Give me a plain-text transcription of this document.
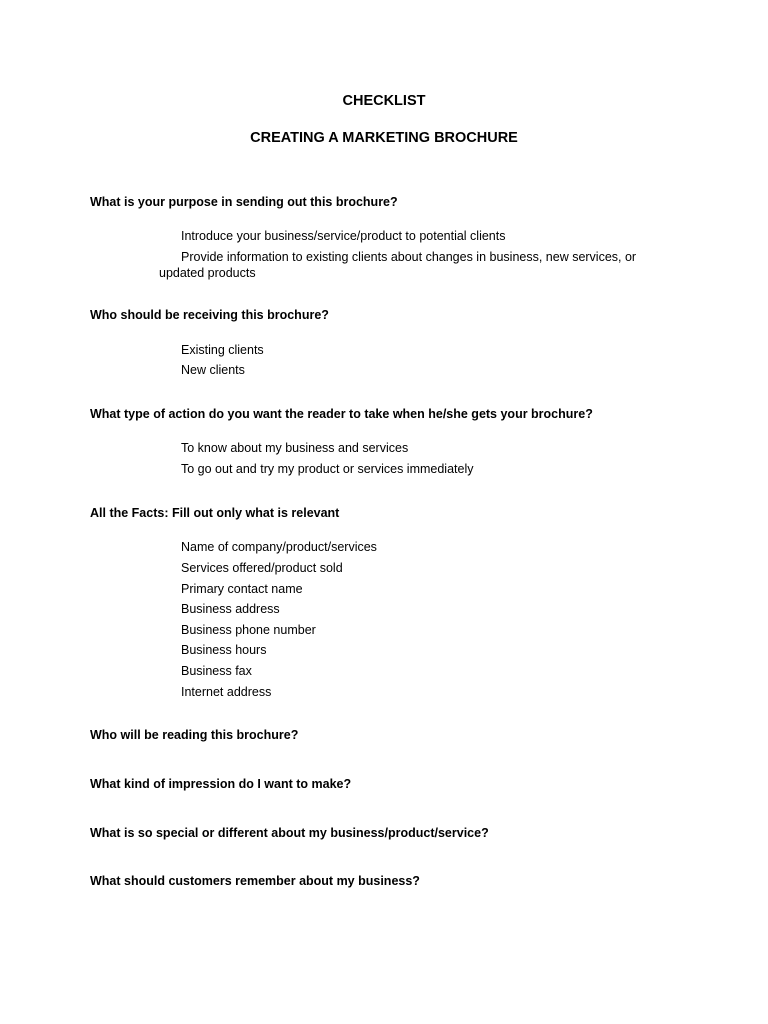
CHECKLIST
CREATING A MARKETING BROCHURE
What is your purpose in sending out this brochure?
Introduce your business/service/product to potential clients
Provide information to existing clients about changes in business, new services, or updated products
Who should be receiving this brochure?
Existing clients
New clients
What type of action do you want the reader to take when he/she gets your brochure?
To know about my business and services
To go out and try my product or services immediately
All the Facts: Fill out only what is relevant
Name of company/product/services
Services offered/product sold
Primary contact name
Business address
Business phone number
Business hours
Business fax
Internet address
Who will be reading this brochure?
What kind of impression do I want to make?
What is so special or different about my business/product/service?
What should customers remember about my business?
